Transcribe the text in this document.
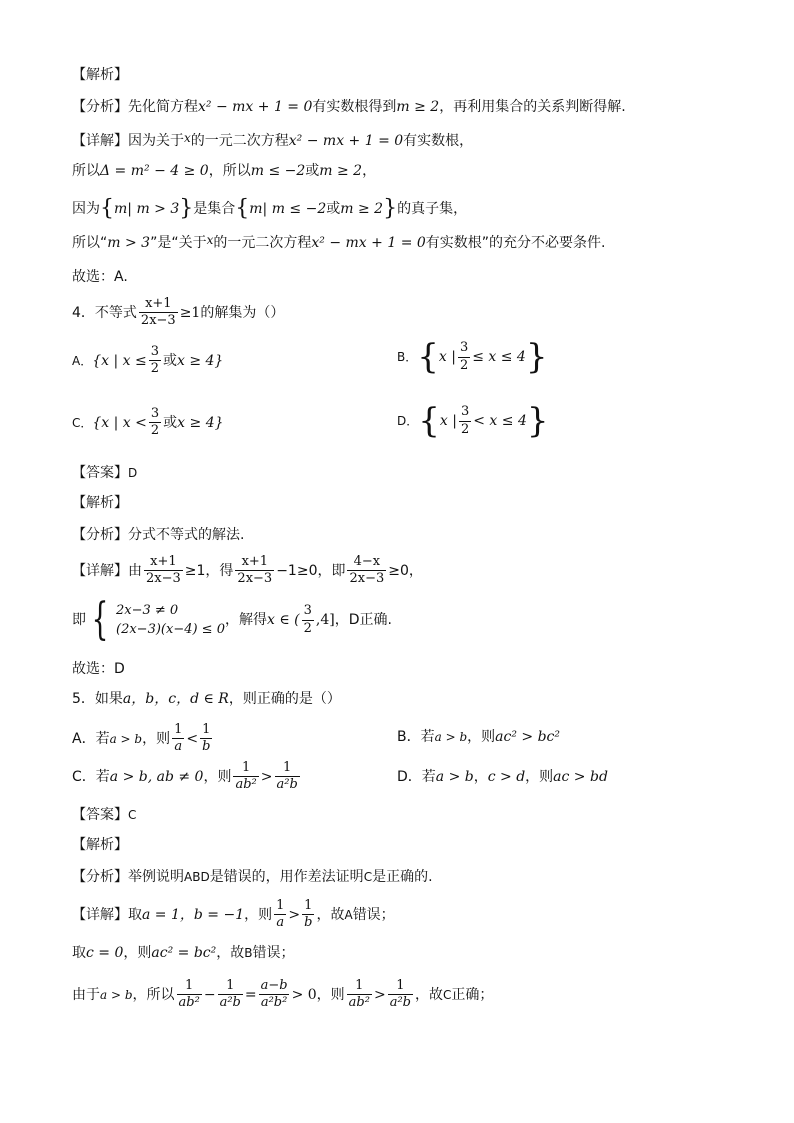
【解析】
【分析】 先化简方程 x² − mx + 1 = 0 有实数根得到 m ≥ 2 ，再利用集合的关系判断得解.
【详解】 因为关于 x 的一元二次方程 x² − mx + 1 = 0 有实数根，
所以 Δ = m² − 4 ≥ 0 ，所以 m ≤ −2 或 m ≥ 2 ，
因为 { m| m > 3 } 是集合 { m| m ≤ −2 或 m ≥ 2 } 的真子集，
所以“ m > 3 ”是“关于 x 的一元二次方程 x² − mx + 1 = 0 有实数根”的充分不必要条件.
故选：A.
4．不等式 $\frac{x+1}{2x-3} \ge 1$ 的解集为（）
A． {x | $x \le \frac{3}{2}$ 或 x ≥ 4}	B． { x | $\frac{3}{2} \le x \le 4$ }
C． {x | $x < \frac{3}{2}$ 或 x ≥ 4}	D． { x | $\frac{3}{2} < x \le 4$ }
【答案】 D
【解析】
【分析】 分式不等式的解法.
【详解】 由 $\frac{x+1}{2x-3} \ge 1$，得 $\frac{x+1}{2x-3} -1\ge 0$，即 $\frac{4-x}{2x-3} \ge 0$，
即 { 2x−3 ≠ 0
(2x−3)(x−4) ≤ 0
，解得 x ∈ ( $\frac{3}{2} ,4$] ，D正确.
故选：D
5．如果 a，b，c，d ∈ R ，则正确的是（）
A．若 a > b ，则 $\frac{1}{a} < \frac{1}{b}$	B．若 a > b ，则 ac² > bc²
C．若 a > b, ab ≠ 0 ，则 $\frac{1}{\text{ab²}} > \frac{1}{\text{a²b}}$	D．若 a > b ， c > d ，则 ac > bd
【答案】 C
【解析】
【分析】 举例说明 ABD 是错误的，用作差法证明 C 是正确的.
【详解】 取 a = 1，b = −1 ，则 $\frac{1}{a} > \frac{1}{b}$ ，故 A 错误；
取 c = 0 ，则 ac² = bc² ，故 B 错误；
由于 a > b ，所以 $\frac{1}{\text{ab²}} - \frac{1}{\text{a²b}} = \frac{a-b}{\text{a²b²}} > 0$ ，则 $\frac{1}{\text{ab²}} > \frac{1}{\text{a²b}}$ ，故 C 正确；
